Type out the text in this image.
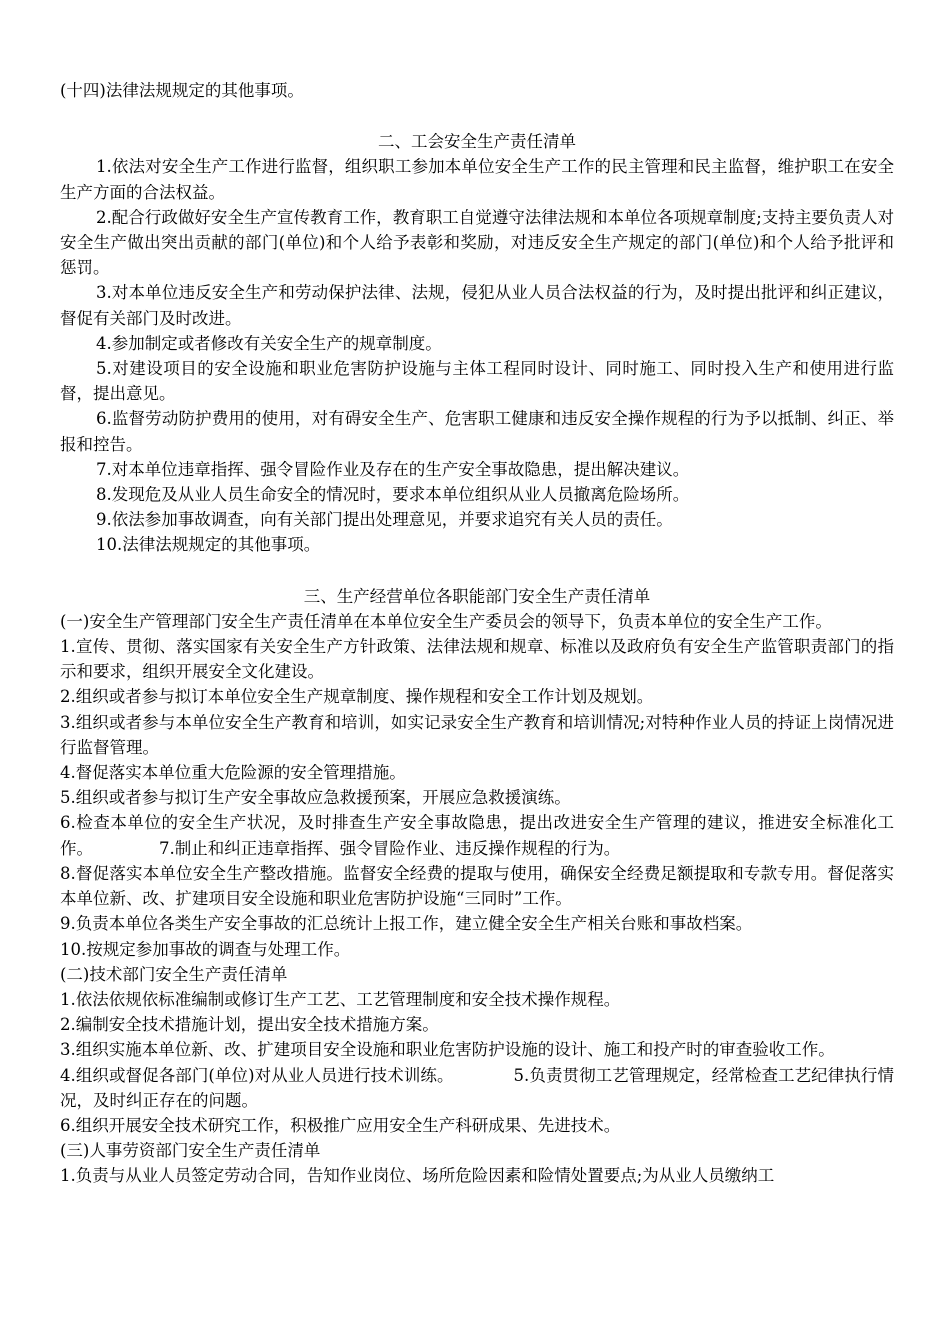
(十四)法律法规规定的其他事项。

二、工会安全生产责任清单

1.依法对安全生产工作进行监督，组织职工参加本单位安全生产工作的民主管理和民主监督，维护职工在安全生产方面的合法权益。

2.配合行政做好安全生产宣传教育工作，教育职工自觉遵守法律法规和本单位各项规章制度;支持主要负责人对安全生产做出突出贡献的部门(单位)和个人给予表彰和奖励，对违反安全生产规定的部门(单位)和个人给予批评和惩罚。

3.对本单位违反安全生产和劳动保护法律、法规，侵犯从业人员合法权益的行为，及时提出批评和纠正建议，督促有关部门及时改进。

4.参加制定或者修改有关安全生产的规章制度。

5.对建设项目的安全设施和职业危害防护设施与主体工程同时设计、同时施工、同时投入生产和使用进行监督，提出意见。

6.监督劳动防护费用的使用，对有碍安全生产、危害职工健康和违反安全操作规程的行为予以抵制、纠正、举报和控告。

7.对本单位违章指挥、强令冒险作业及存在的生产安全事故隐患，提出解决建议。

8.发现危及从业人员生命安全的情况时，要求本单位组织从业人员撤离危险场所。

9.依法参加事故调查，向有关部门提出处理意见，并要求追究有关人员的责任。

10.法律法规规定的其他事项。

三、生产经营单位各职能部门安全生产责任清单

(一)安全生产管理部门安全生产责任清单在本单位安全生产委员会的领导下，负责本单位的安全生产工作。

1.宣传、贯彻、落实国家有关安全生产方针政策、法律法规和规章、标准以及政府负有安全生产监管职责部门的指示和要求，组织开展安全文化建设。

2.组织或者参与拟订本单位安全生产规章制度、操作规程和安全工作计划及规划。

3.组织或者参与本单位安全生产教育和培训，如实记录安全生产教育和培训情况;对特种作业人员的持证上岗情况进行监督管理。

4.督促落实本单位重大危险源的安全管理措施。

5.组织或者参与拟订生产安全事故应急救援预案，开展应急救援演练。

6.检查本单位的安全生产状况，及时排查生产安全事故隐患，提出改进安全生产管理的建议，推进安全标准化工作。	7.制止和纠正违章指挥、强令冒险作业、违反操作规程的行为。

8.督促落实本单位安全生产整改措施。监督安全经费的提取与使用，确保安全经费足额提取和专款专用。督促落实本单位新、改、扩建项目安全设施和职业危害防护设施“三同时”工作。

9.负责本单位各类生产安全事故的汇总统计上报工作，建立健全安全生产相关台账和事故档案。

10.按规定参加事故的调查与处理工作。

(二)技术部门安全生产责任清单

1.依法依规依标准编制或修订生产工艺、工艺管理制度和安全技术操作规程。

2.编制安全技术措施计划，提出安全技术措施方案。

3.组织实施本单位新、改、扩建项目安全设施和职业危害防护设施的设计、施工和投产时的审查验收工作。

4.组织或督促各部门(单位)对从业人员进行技术训练。	5.负责贯彻工艺管理规定，经常检查工艺纪律执行情况，及时纠正存在的问题。

6.组织开展安全技术研究工作，积极推广应用安全生产科研成果、先进技术。

(三)人事劳资部门安全生产责任清单

1.负责与从业人员签定劳动合同，告知作业岗位、场所危险因素和险情处置要点;为从业人员缴纳工
